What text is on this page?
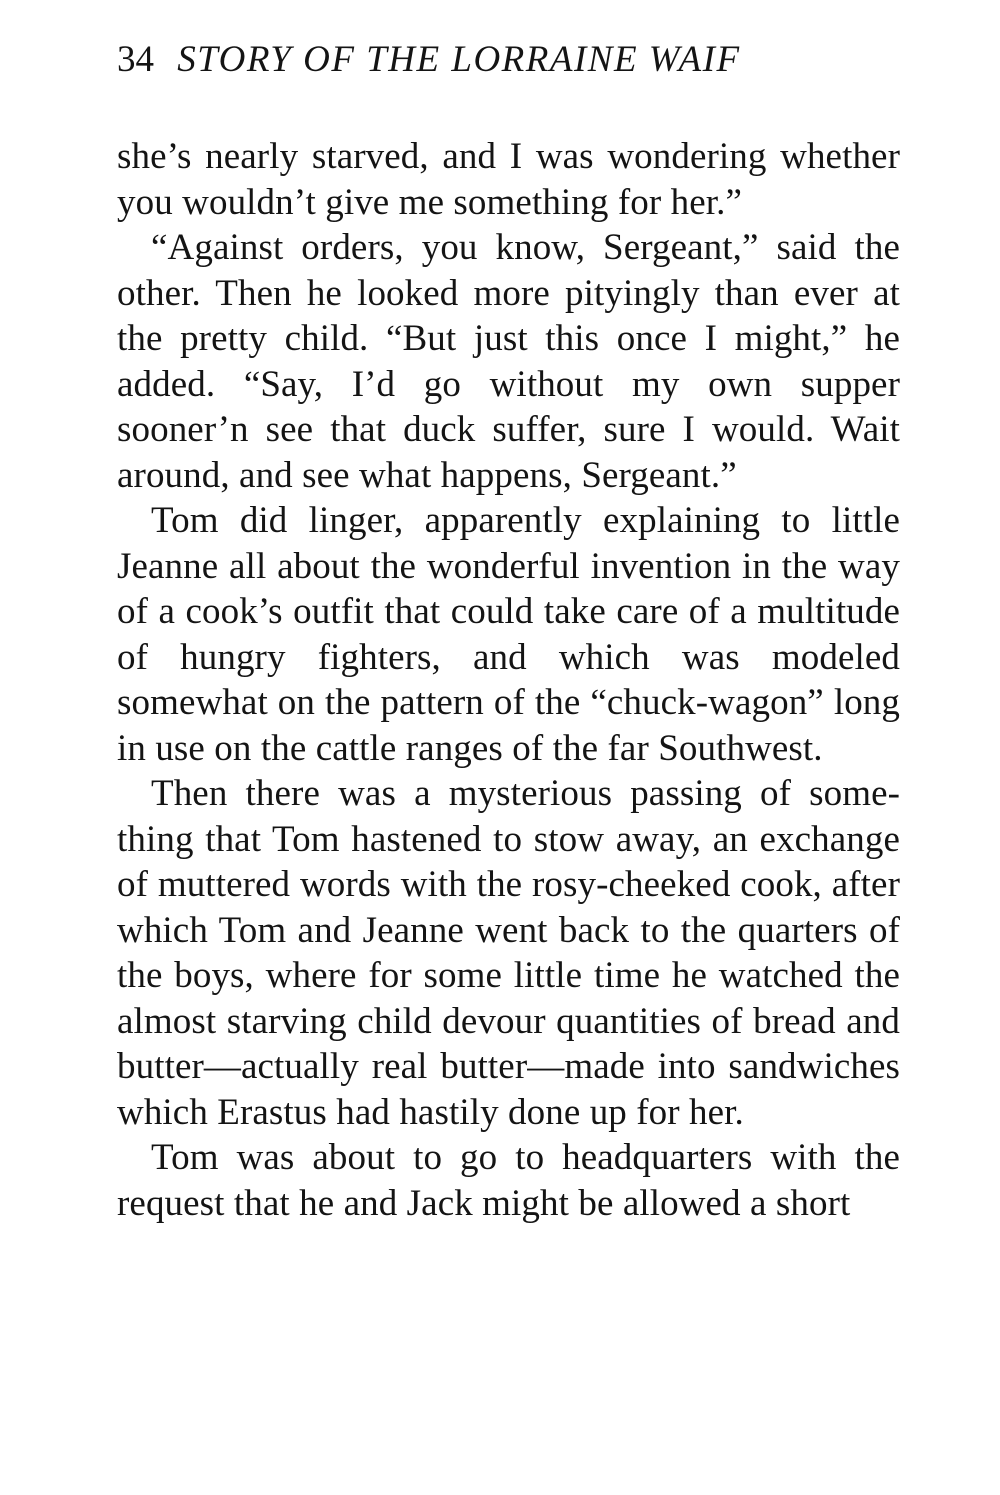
34 STORY OF THE LORRAINE WAIF

she’s nearly starved, and I was wondering whether you wouldn’t give me something for her.”

“Against orders, you know, Sergeant,” said the other. Then he looked more pityingly than ever at the pretty child. “But just this once I might,” he added. “Say, I’d go without my own supper sooner’n see that duck suffer, sure I would. Wait around, and see what happens, Sergeant.”

Tom did linger, apparently explaining to little Jeanne all about the wonderful invention in the way of a cook’s outfit that could take care of a multitude of hungry fighters, and which was modeled somewhat on the pattern of the “chuck-wagon” long in use on the cattle ranges of the far Southwest.

Then there was a mysterious passing of something that Tom hastened to stow away, an exchange of muttered words with the rosy-cheeked cook, after which Tom and Jeanne went back to the quarters of the boys, where for some little time he watched the almost starving child devour quantities of bread and butter—actually real butter—made into sandwiches which Erastus had hastily done up for her.

Tom was about to go to headquarters with the request that he and Jack might be allowed a short
